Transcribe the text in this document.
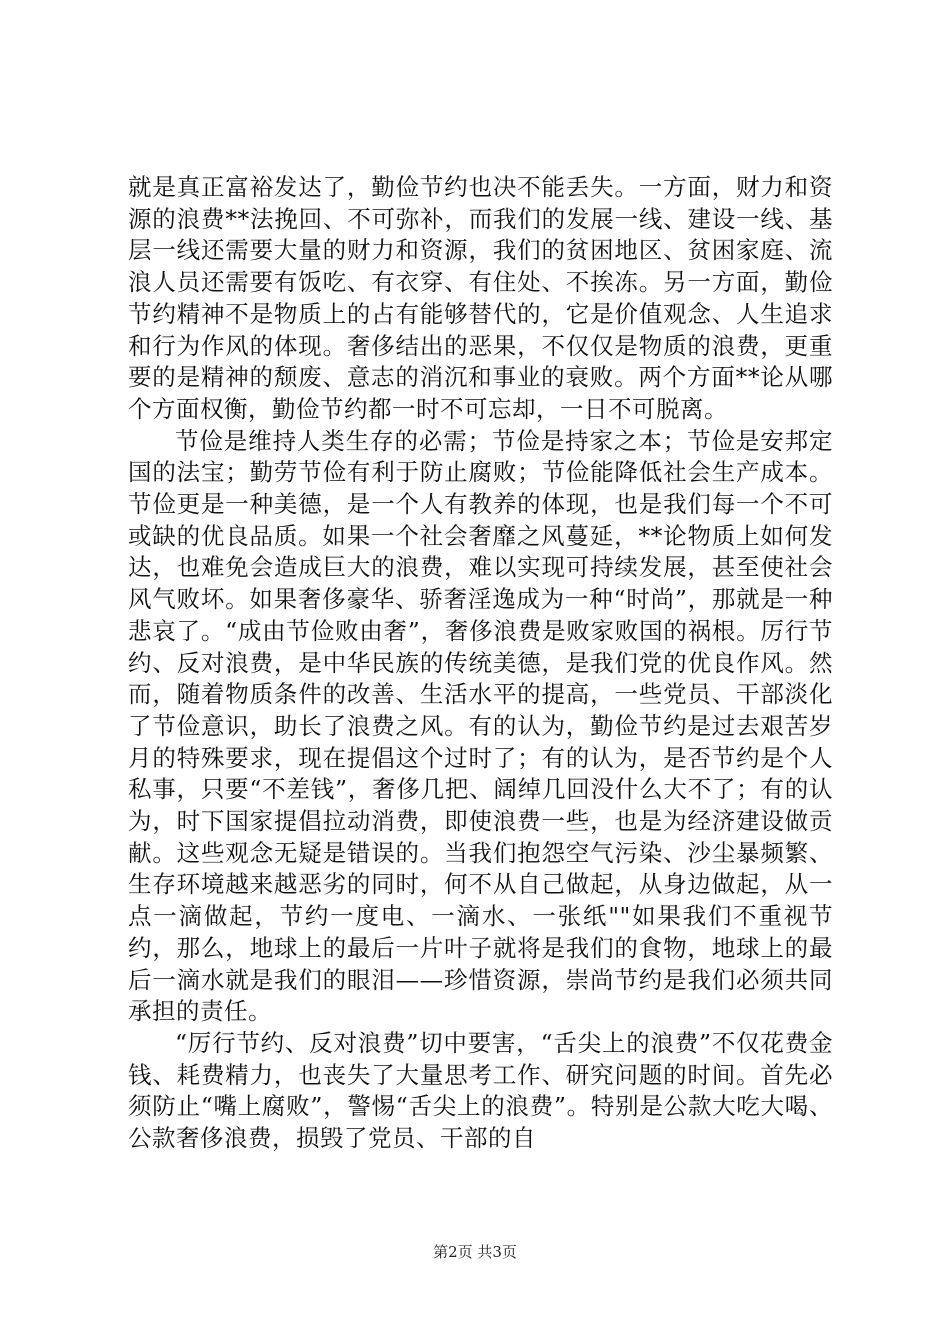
就是真正富裕发达了，勤俭节约也决不能丢失。一方面，财力和资源的浪费**法挽回、不可弥补，而我们的发展一线、建设一线、基层一线还需要大量的财力和资源，我们的贫困地区、贫困家庭、流浪人员还需要有饭吃、有衣穿、有住处、不挨冻。另一方面，勤俭节约精神不是物质上的占有能够替代的，它是价值观念、人生追求和行为作风的体现。奢侈结出的恶果，不仅仅是物质的浪费，更重要的是精神的颓废、意志的消沉和事业的衰败。两个方面**论从哪个方面权衡，勤俭节约都一时不可忘却，一日不可脱离。

节俭是维持人类生存的必需；节俭是持家之本；节俭是安邦定国的法宝；勤劳节俭有利于防止腐败；节俭能降低社会生产成本。节俭更是一种美德，是一个人有教养的体现，也是我们每一个不可或缺的优良品质。如果一个社会奢靡之风蔓延，**论物质上如何发达，也难免会造成巨大的浪费，难以实现可持续发展，甚至使社会风气败坏。如果奢侈豪华、骄奢淫逸成为一种“时尚”，那就是一种悲哀了。“成由节俭败由奢”，奢侈浪费是败家败国的祸根。厉行节约、反对浪费，是中华民族的传统美德，是我们党的优良作风。然而，随着物质条件的改善、生活水平的提高，一些党员、干部淡化了节俭意识，助长了浪费之风。有的认为，勤俭节约是过去艰苦岁月的特殊要求，现在提倡这个过时了；有的认为，是否节约是个人私事，只要“不差钱”，奢侈几把、阔绰几回没什么大不了；有的认为，时下国家提倡拉动消费，即使浪费一些，也是为经济建设做贡献。这些观念无疑是错误的。当我们抱怨空气污染、沙尘暴频繁、生存环境越来越恶劣的同时，何不从自己做起，从身边做起，从一点一滴做起，节约一度电、一滴水、一张纸""如果我们不重视节约，那么，地球上的最后一片叶子就将是我们的食物，地球上的最后一滴水就是我们的眼泪——珍惜资源，崇尚节约是我们必须共同承担的责任。

“厉行节约、反对浪费”切中要害，“舌尖上的浪费”不仅花费金钱、耗费精力，也丧失了大量思考工作、研究问题的时间。首先必须防止“嘴上腐败”，警惕“舌尖上的浪费”。特别是公款大吃大喝、公款奢侈浪费，损毁了党员、干部的自

第2页 共3页
